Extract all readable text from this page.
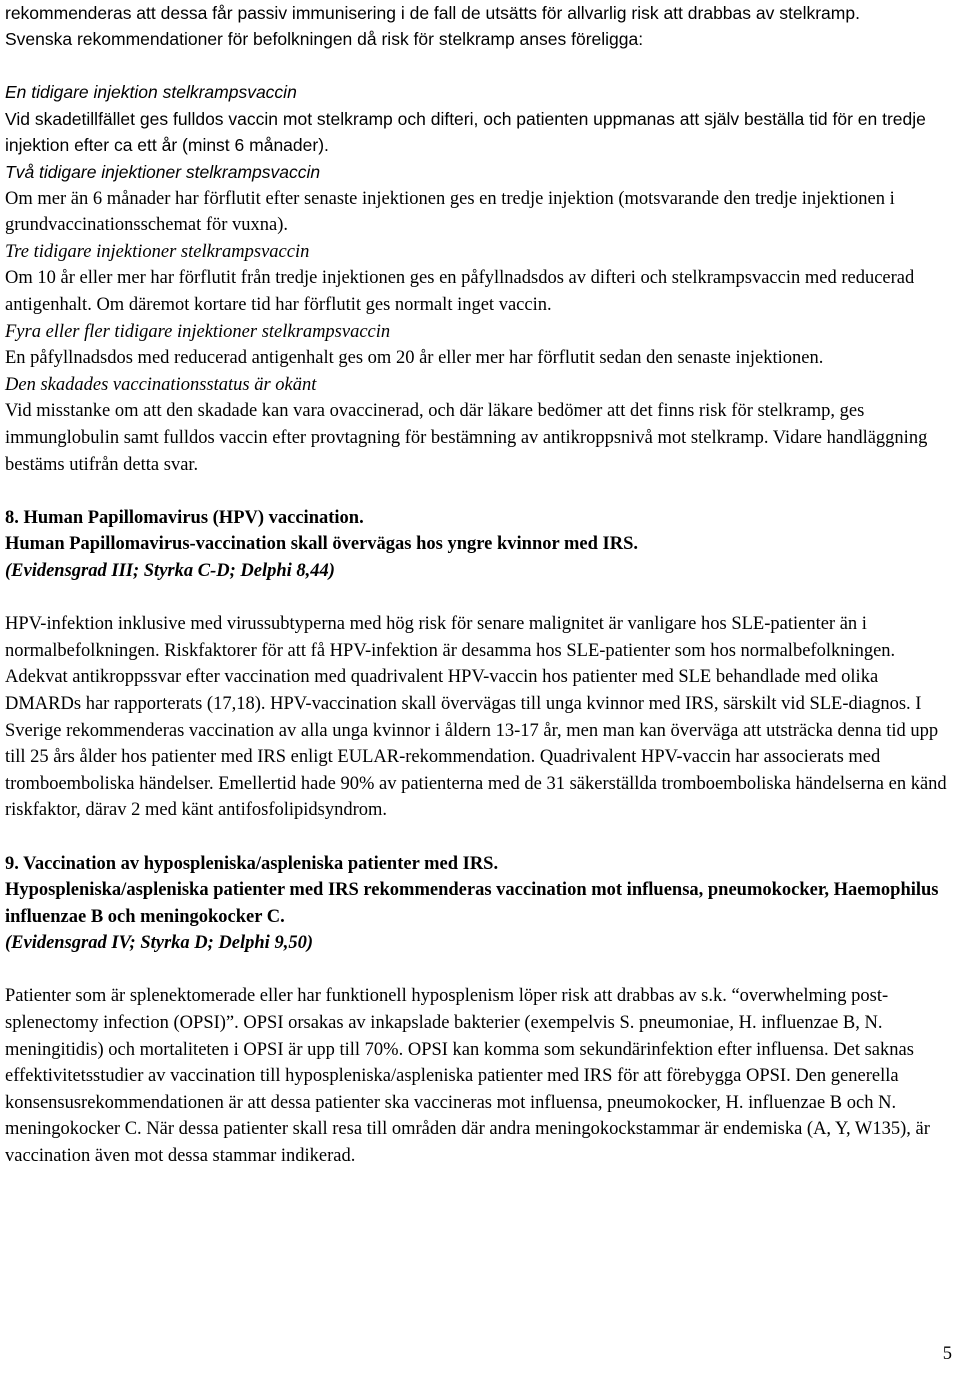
rekommenderas att dessa får passiv immunisering i de fall de utsätts för allvarlig risk att drabbas av stelkramp.

Svenska rekommendationer för befolkningen då risk för stelkramp anses föreligga:

En tidigare injektion stelkrampsvaccin

Vid skadetillfället ges fulldos vaccin mot stelkramp och difteri, och patienten uppmanas att själv beställa tid för en tredje injektion efter ca ett år (minst 6 månader).

Två tidigare injektioner stelkrampsvaccin

Om mer än 6 månader har förflutit efter senaste injektionen ges en tredje injektion (motsvarande den tredje injektionen i grundvaccinationsschemat för vuxna).

Tre tidigare injektioner stelkrampsvaccin

Om 10 år eller mer har förflutit från tredje injektionen ges en påfyllnadsdos av difteri och stelkrampsvaccin med reducerad antigenhalt. Om däremot kortare tid har förflutit ges normalt inget vaccin.

Fyra eller fler tidigare injektioner stelkrampsvaccin

En påfyllnadsdos med reducerad antigenhalt ges om 20 år eller mer har förflutit sedan den senaste injektionen.

Den skadades vaccinationsstatus är okänt

Vid misstanke om att den skadade kan vara ovaccinerad, och där läkare bedömer att det finns risk för stelkramp, ges immunglobulin samt fulldos vaccin efter provtagning för bestämning av antikroppsnivå mot stelkramp. Vidare handläggning bestäms utifrån detta svar.

8. Human Papillomavirus (HPV) vaccination.

Human Papillomavirus-vaccination skall övervägas hos yngre kvinnor med IRS.

(Evidensgrad III; Styrka C-D; Delphi 8,44)

HPV-infektion inklusive med virussubtyperna med hög risk för senare malignitet är vanligare hos SLE-patienter än i normalbefolkningen. Riskfaktorer för att få HPV-infektion är desamma hos SLE-patienter som hos normalbefolkningen. Adekvat antikroppssvar efter vaccination med quadrivalent HPV-vaccin hos patienter med SLE behandlade med olika DMARDs har rapporterats (17,18). HPV-vaccination skall övervägas till unga kvinnor med IRS, särskilt vid SLE-diagnos. I Sverige rekommenderas vaccination av alla unga kvinnor i åldern 13-17 år, men man kan överväga att utsträcka denna tid upp till 25 års ålder hos patienter med IRS enligt EULAR-rekommendation. Quadrivalent HPV-vaccin har associerats med tromboemboliska händelser. Emellertid hade 90% av patienterna med de 31 säkerställda tromboemboliska händelserna en känd riskfaktor, därav 2 med känt antifosfolipidsyndrom.

9. Vaccination av hypospleniska/aspleniska patienter med IRS.

Hypospleniska/aspleniska patienter med IRS rekommenderas vaccination mot influensa, pneumokocker, Haemophilus influenzae B och meningokocker C.

(Evidensgrad IV; Styrka D; Delphi 9,50)

Patienter som är splenektomerade eller har funktionell hyposplenism löper risk att drabbas av s.k. “overwhelming post-splenectomy infection (OPSI)”. OPSI orsakas av inkapslade bakterier (exempelvis S. pneumoniae, H. influenzae B, N. meningitidis) och mortaliteten i OPSI är upp till 70%. OPSI kan komma som sekundärinfektion efter influensa. Det saknas effektivitetsstudier av vaccination till hypospleniska/aspleniska patienter med IRS för att förebygga OPSI. Den generella konsensusrekommendationen är att dessa patienter ska vaccineras mot influensa, pneumokocker, H. influenzae B och N. meningokocker C. När dessa patienter skall resa till områden där andra meningokockstammar är endemiska (A, Y, W135), är vaccination även mot dessa stammar indikerad.

5
